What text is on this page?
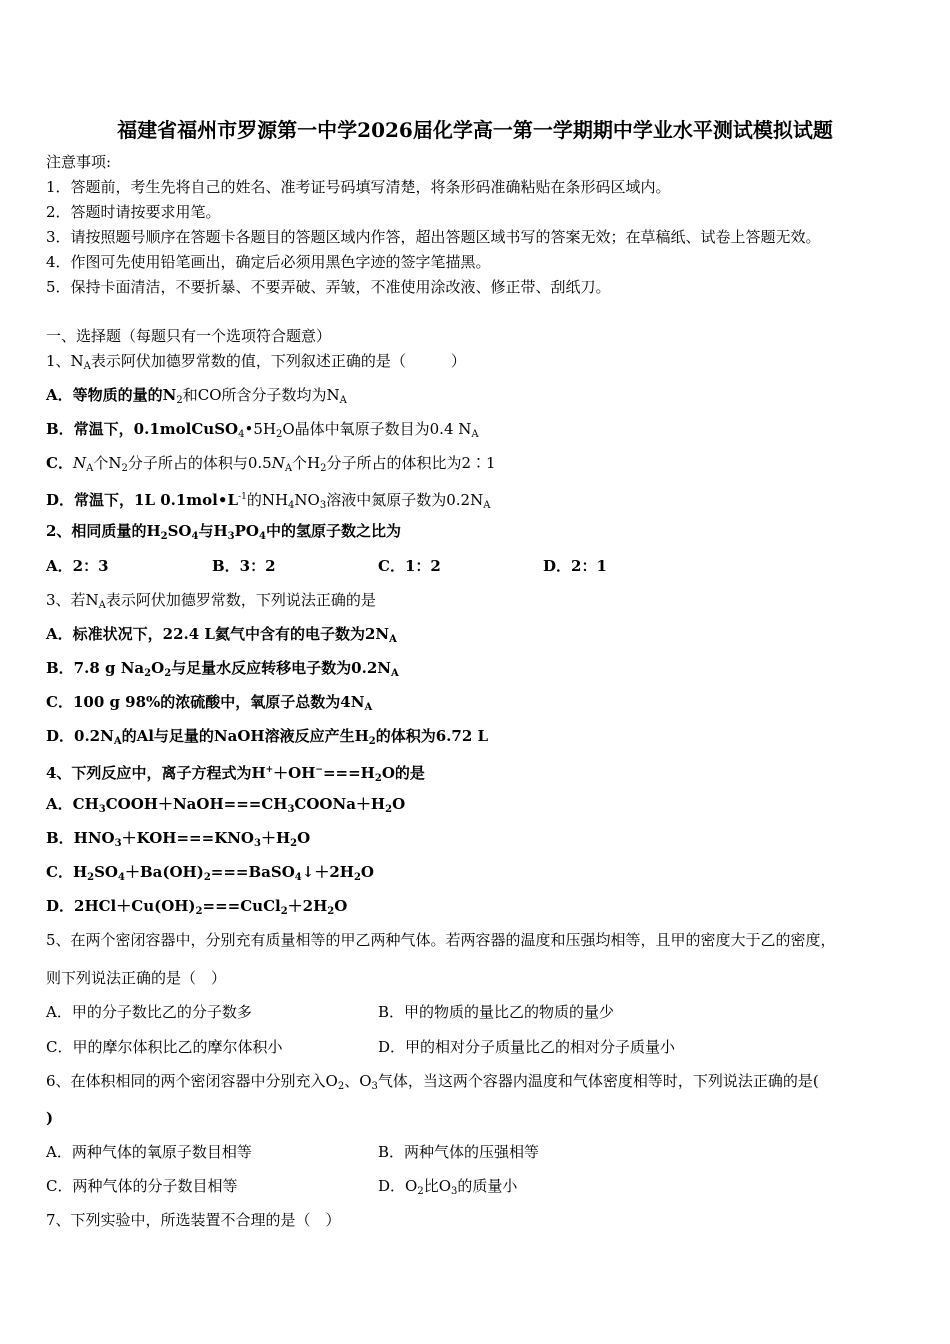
福建省福州市罗源第一中学2026届化学高一第一学期期中学业水平测试模拟试题
注意事项:
1．答题前，考生先将自己的姓名、准考证号码填写清楚，将条形码准确粘贴在条形码区域内。
2．答题时请按要求用笔。
3．请按照题号顺序在答题卡各题目的答题区域内作答，超出答题区域书写的答案无效；在草稿纸、试卷上答题无效。
4．作图可先使用铅笔画出，确定后必须用黑色字迹的签字笔描黑。
5．保持卡面清洁，不要折暴、不要弄破、弄皱，不准使用涂改液、修正带、刮纸刀。
一、选择题（每题只有一个选项符合题意）
1、$N_A$表示阿伏加德罗常数的值，下列叙述正确的是（　　　）
A．等物质的量的$N_2$和CO所含分子数均为$N_A$
B．常温下，$0.1molCuSO_4•5H_2O$晶体中氧原子数目为0.4 $N_A$
C．$N_A$个$N_2$分子所占的体积与$0.5N_A$个$H_2$分子所占的体积比为2∶1
D．常温下，1L $0.1mol•L^{-1}$的$NH_4NO_3$溶液中氮原子数为$0.2N_A$
2、相同质量的$H_2SO_4$与$H_3PO_4$中的氢原子数之比为
A．2：3	B．3：2	C．1：2	D．2：1
3、若$N_A$表示阿伏加德罗常数，下列说法正确的是
A．标准状况下，22.4 L氦气中含有的电子数为$2N_A$
B．7.8 g $Na_2O_2$与足量水反应转移电子数为$0.2N_A$
C．100 g 98%的浓硫酸中，氧原子总数为$4N_A$
D．$0.2N_A$的Al与足量的NaOH溶液反应产生$H_2$的体积为6.72 L
4、下列反应中，离子方程式为$H^++OH^-===H_2O$的是
A．$CH_3COOH+NaOH===CH_3COONa+H_2O$
B．$HNO_3+KOH===KNO_3+H_2O$
C．$H_2SO_4+Ba(OH)_2===BaSO_4↓+2H_2O$
D．$2HCl+Cu(OH)_2===CuCl_2+2H_2O$
5、在两个密闭容器中，分别充有质量相等的甲乙两种气体。若两容器的温度和压强均相等，且甲的密度大于乙的密度，
则下列说法正确的是（　）
A．甲的分子数比乙的分子数多	B．甲的物质的量比乙的物质的量少
C．甲的摩尔体积比乙的摩尔体积小	D．甲的相对分子质量比乙的相对分子质量小
6、在体积相同的两个密闭容器中分别充入$O_2$、$O_3$气体，当这两个容器内温度和气体密度相等时，下列说法正确的是(
)
A．两种气体的氧原子数目相等	B．两种气体的压强相等
C．两种气体的分子数目相等	D．$O_2$比$O_3$的质量小
7、下列实验中，所选装置不合理的是（　）
